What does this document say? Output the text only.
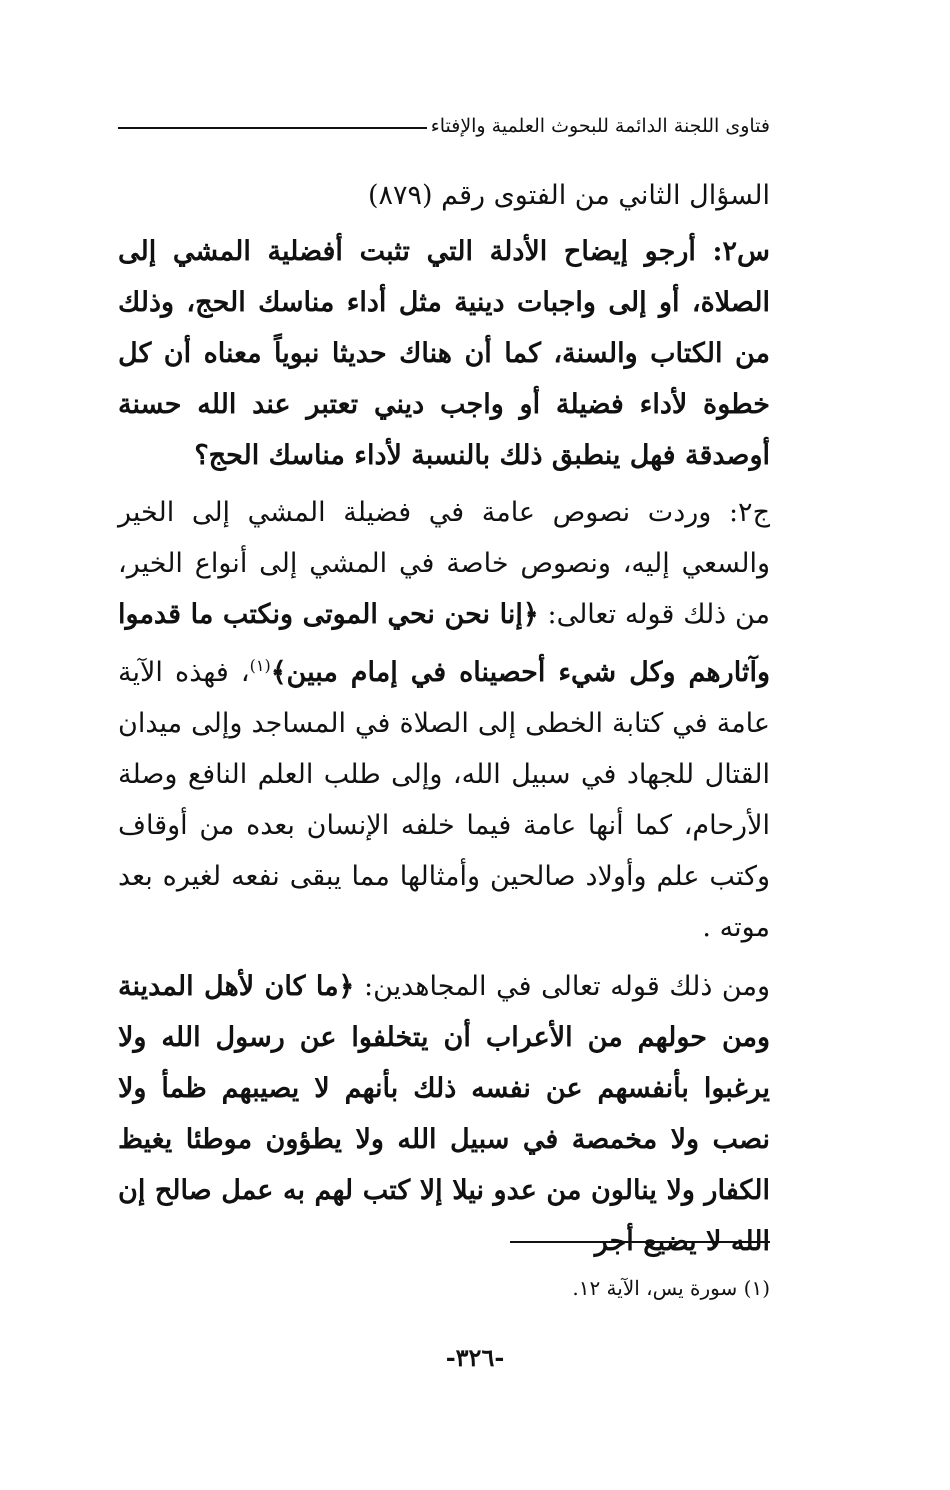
فتاوى اللجنة الدائمة للبحوث العلمية والإفتاء

السؤال الثاني من الفتوى رقم (٨٧٩)

س٢: أرجو إيضاح الأدلة التي تثبت أفضلية المشي إلى الصلاة، أو إلى واجبات دينية مثل أداء مناسك الحج، وذلك من الكتاب والسنة، كما أن هناك حديثا نبوياً معناه أن كل خطوة لأداء فضيلة أو واجب ديني تعتبر عند الله حسنة أوصدقة فهل ينطبق ذلك بالنسبة لأداء مناسك الحج؟

ج٢: وردت نصوص عامة في فضيلة المشي إلى الخير والسعي إليه، ونصوص خاصة في المشي إلى أنواع الخير، من ذلك قوله تعالى: ﴿إنا نحن نحي الموتى ونكتب ما قدموا وآثارهم وكل شيء أحصيناه في إمام مبين﴾$^{(١)}$، فهذه الآية عامة في كتابة الخطى إلى الصلاة في المساجد وإلى ميدان القتال للجهاد في سبيل الله، وإلى طلب العلم النافع وصلة الأرحام، كما أنها عامة فيما خلفه الإنسان بعده من أوقاف وكتب علم وأولاد صالحين وأمثالها مما يبقى نفعه لغيره بعد موته .

ومن ذلك قوله تعالى في المجاهدين: ﴿ما كان لأهل المدينة ومن حولهم من الأعراب أن يتخلفوا عن رسول الله ولا يرغبوا بأنفسهم عن نفسه ذلك بأنهم لا يصيبهم ظمأ ولا نصب ولا مخمصة في سبيل الله ولا يطؤون موطئا يغيظ الكفار ولا ينالون من عدو نيلا إلا كتب لهم به عمل صالح إن الله لا يضيع أجر

(١) سورة يس، الآية ١٢.
-٣٢٦-
